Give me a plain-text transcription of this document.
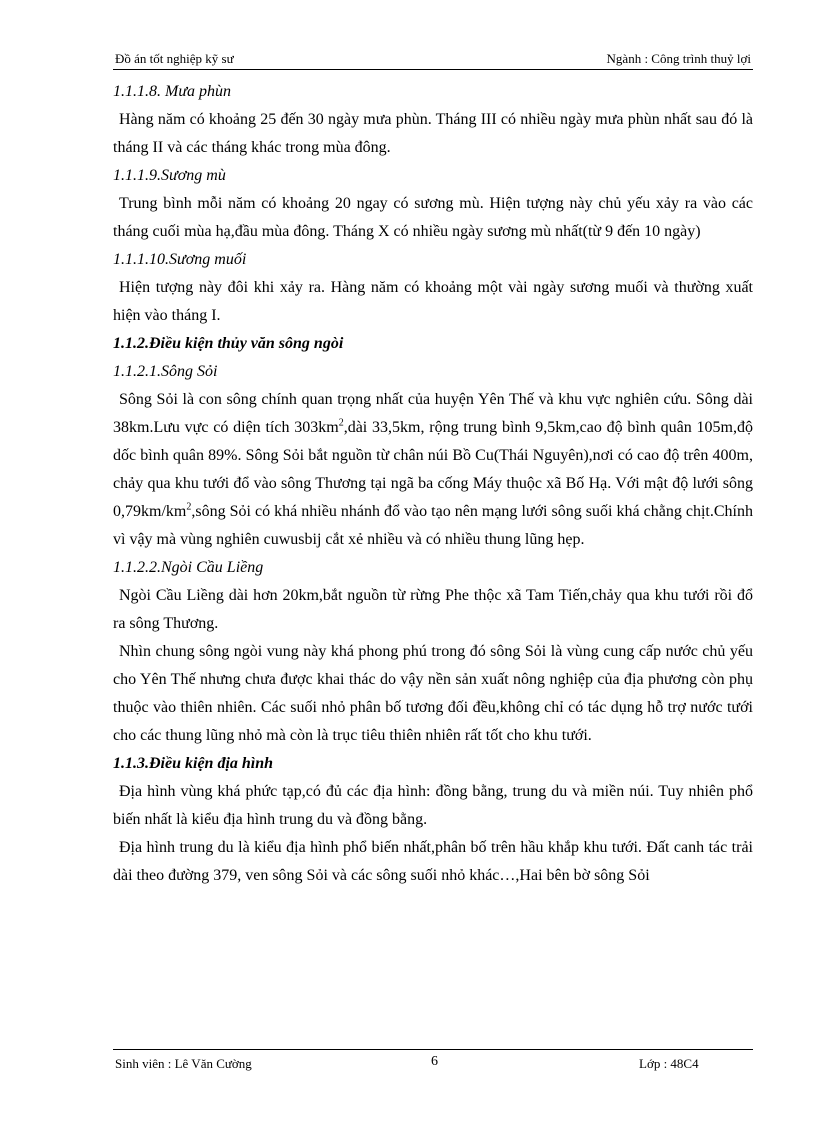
Đồ án tốt nghiệp kỹ sư	Ngành : Công trình thuỷ lợi

1.1.1.8. Mưa phùn

Hàng năm có khoảng 25 đến 30 ngày mưa phùn. Tháng III có nhiều ngày mưa phùn nhất sau đó là tháng II và các tháng khác trong mùa đông.

1.1.1.9.Sương mù

Trung bình mỗi năm có khoảng 20 ngay có sương mù. Hiện tượng này chủ yếu xảy ra vào các tháng cuối mùa hạ,đầu mùa đông. Tháng X có nhiều ngày sương mù nhất(từ 9 đến 10 ngày)

1.1.1.10.Sương muối

Hiện tượng này đôi khi xảy ra. Hàng năm có khoảng một vài ngày sương muối và thường xuất hiện vào tháng I.

1.1.2.Điều kiện thủy văn sông ngòi

1.1.2.1.Sông Sỏi

Sông Sỏi là con sông chính quan trọng nhất của huyện Yên Thế và khu vực nghiên cứu. Sông dài 38km.Lưu vực có diện tích $303km^2,dài$ 33,5km, rộng trung bình 9,5km,cao độ bình quân 105m,độ dốc bình quân 89%. Sông Sỏi bắt nguồn từ chân núi Bồ Cu(Thái Nguyên),nơi có cao độ trên 400m, chảy qua khu tưới đổ vào sông Thương tại ngã ba cống Máy thuộc xã Bố Hạ. Với mật độ lưới sông $0,79km/km^2,sông$ Sỏi có khá nhiều nhánh đổ vào tạo nên mạng lưới sông suối khá chằng chịt.Chính vì vậy mà vùng nghiên cuwusbij cắt xẻ nhiều và có nhiều thung lũng hẹp.

1.1.2.2.Ngòi Cầu Liềng

Ngòi Cầu Liềng dài hơn 20km,bắt nguồn từ rừng Phe thộc xã Tam Tiến,chảy qua khu tưới rồi đổ ra sông Thương.

Nhìn chung sông ngòi vung này khá phong phú trong đó sông Sỏi là vùng cung cấp nước chủ yếu cho Yên Thế nhưng chưa được khai thác do vậy nền sản xuất nông nghiệp của địa phương còn phụ thuộc vào thiên nhiên. Các suối nhỏ phân bố tương đối đều,không chỉ có tác dụng hỗ trợ nước tưới cho các thung lũng nhỏ mà còn là trục tiêu thiên nhiên rất tốt cho khu tưới.

1.1.3.Điều kiện địa hình

Địa hình vùng khá phức tạp,có đủ các địa hình: đồng bằng, trung du và miền núi. Tuy nhiên phổ biến nhất là kiểu địa hình trung du và đồng bằng.

Địa hình trung du là kiểu địa hình phổ biến nhất,phân bố trên hầu khắp khu tưới. Đất canh tác trải dài theo đường 379, ven sông Sỏi và các sông suối nhỏ khác…,Hai bên bờ sông Sỏi

Sinh viên : Lê Văn Cường	6	Lớp : 48C4
